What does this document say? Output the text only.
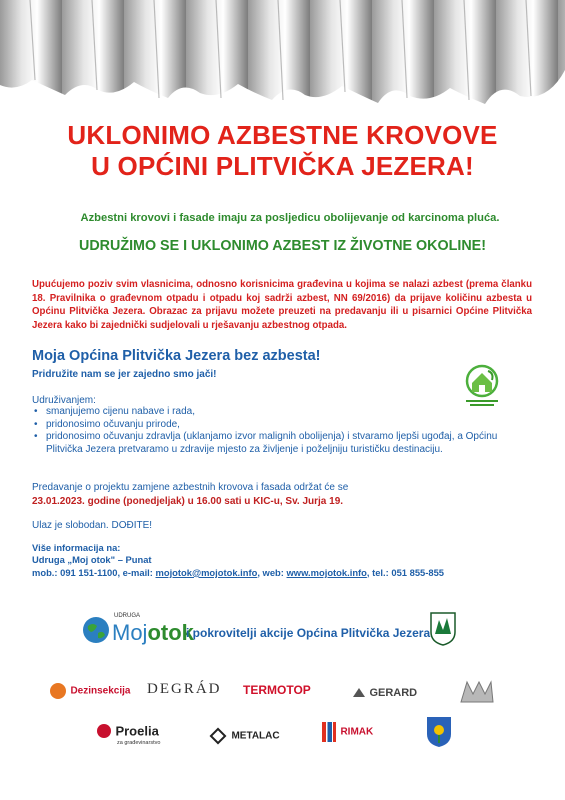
UKLONIMO AZBESTNE KROVOVE
U OPĆINI PLITVIČKA JEZERA!
Azbestni krovovi i fasade imaju za posljedicu obolijevanje od karcinoma pluća.
UDRUŽIMO SE I UKLONIMO AZBEST IZ ŽIVOTNE OKOLINE!
Upućujemo poziv svim vlasnicima, odnosno korisnicima građevina u kojima se nalazi azbest (prema članku 18. Pravilnika o građevnom otpadu i otpadu koj sadrži azbest, NN 69/2016) da prijave količinu azbesta u Općinu Plitvička Jezera. Obrazac za prijavu možete preuzeti na predavanju ili u pisarnici Općine Plitvička Jezera kako bi zajednički sudjelovali u rješavanju azbestnog otpada.
Moja Općina Plitvička Jezera bez azbesta!
Pridružite nam se jer zajedno smo jači!
Udruživanjem:
• smanjujemo cijenu nabave i rada,
• pridonosimo očuvanju prirode,
• pridonosimo očuvanju zdravlja (uklanjamo izvor malignih obolijenja) i stvaramo ljepši ugođaj, a Općinu Plitvička Jezera pretvaramo u zdravije mjesto za življenje i poželjniju turističku destinaciju.
Predavanje o projektu zamjene azbestnih krovova i fasada održat će se
23.01.2023. godine (ponedjeljak) u 16.00 sati u KIC-u, Sv. Jurja 19.
Ulaz je slobodan. DOĐITE!
Više informacija na:
Udruga „Moj otok" – Punat
mob.: 091 151-1100, e-mail: mojotok@mojotok.info, web: www.mojotok.info, tel.: 051 855-855
UDRUGA
Mojotok
i pokrovitelji akcije Općina Plitvička Jezera
Dezinsekcija DEGRÁD TERMOTOP	GERARD
Proelia
za građevinarstvo
METALAC	RIMAK
